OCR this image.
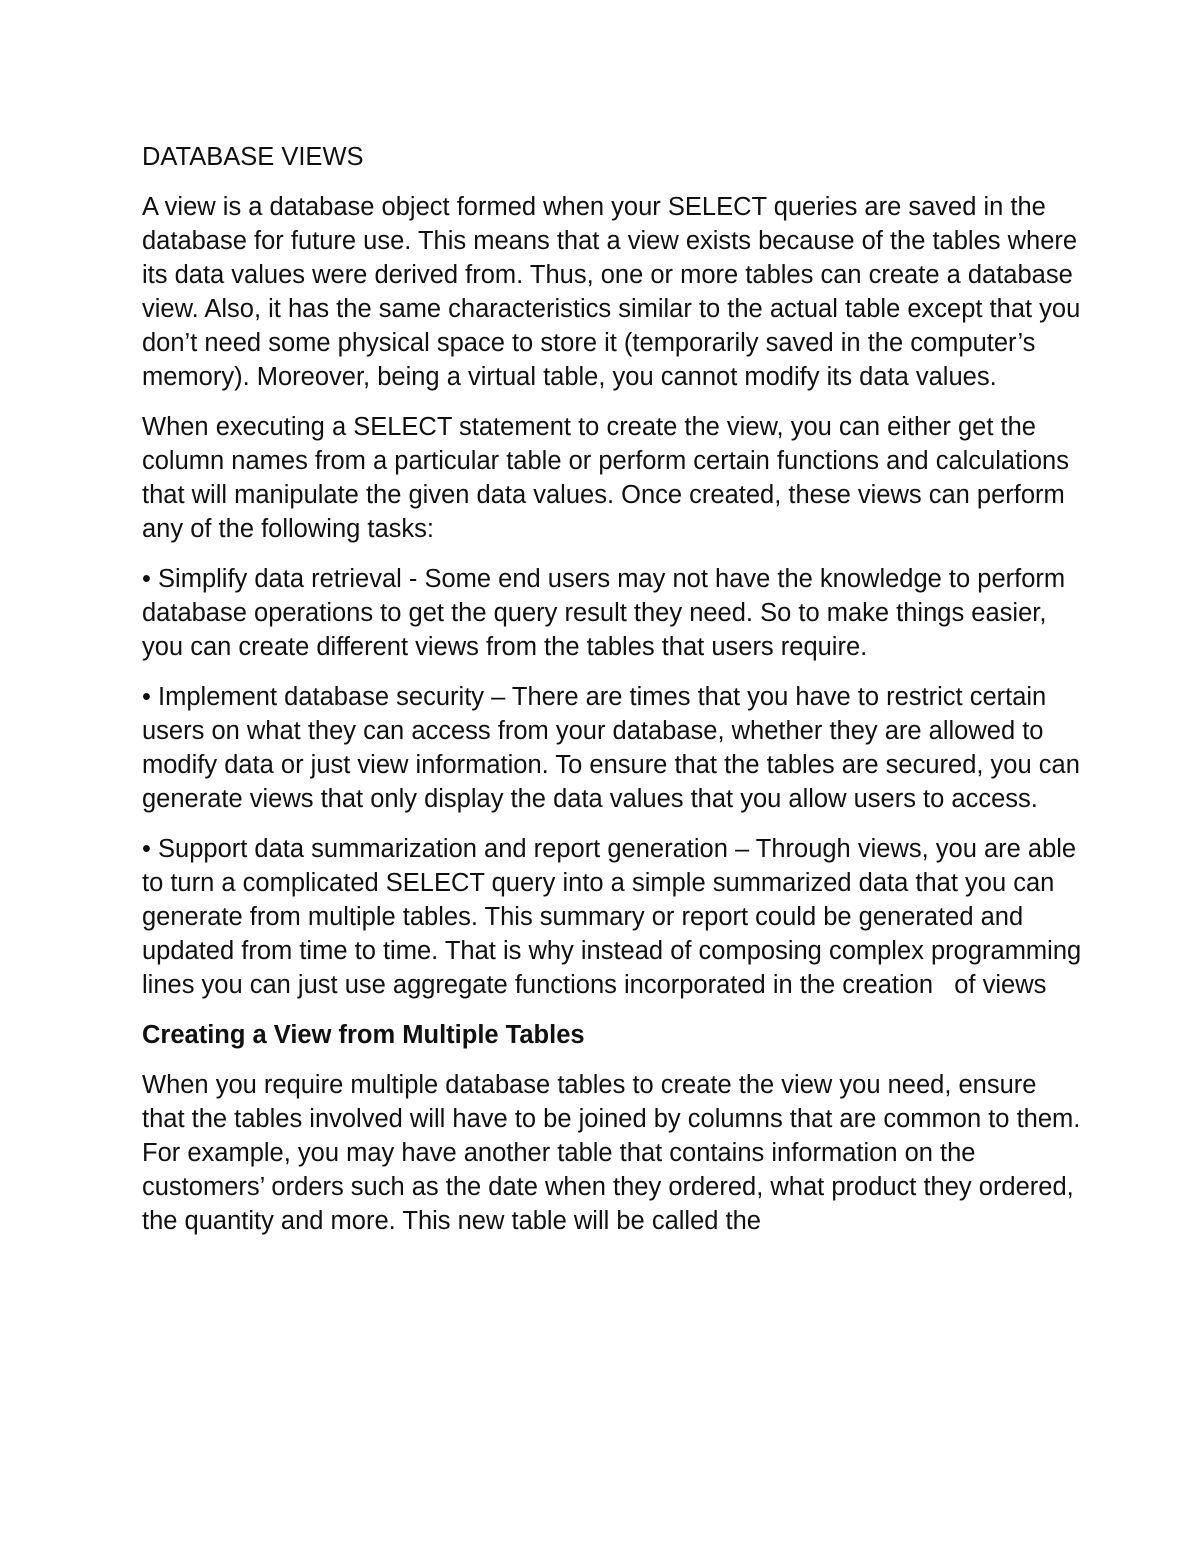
DATABASE VIEWS

A view is a database object formed when your SELECT queries are saved in the database for future use. This means that a view exists because of the tables where its data values were derived from. Thus, one or more tables can create a database view. Also, it has the same characteristics similar to the actual table except that you don’t need some physical space to store it (temporarily saved in the computer’s memory). Moreover, being a virtual table, you cannot modify its data values.

When executing a SELECT statement to create the view, you can either get the column names from a particular table or perform certain functions and calculations that will manipulate the given data values. Once created, these views can perform any of the following tasks:

• Simplify data retrieval - Some end users may not have the knowledge to perform database operations to get the query result they need. So to make things easier, you can create different views from the tables that users require.

• Implement database security – There are times that you have to restrict certain users on what they can access from your database, whether they are allowed to modify data or just view information. To ensure that the tables are secured, you can generate views that only display the data values that you allow users to access.

• Support data summarization and report generation – Through views, you are able to turn a complicated SELECT query into a simple summarized data that you can generate from multiple tables. This summary or report could be generated and updated from time to time. That is why instead of composing complex programming lines you can just use aggregate functions incorporated in the creation   of views

Creating a View from Multiple Tables

When you require multiple database tables to create the view you need, ensure that the tables involved will have to be joined by columns that are common to them. For example, you may have another table that contains information on the customers’ orders such as the date when they ordered, what product they ordered, the quantity and more. This new table will be called the
